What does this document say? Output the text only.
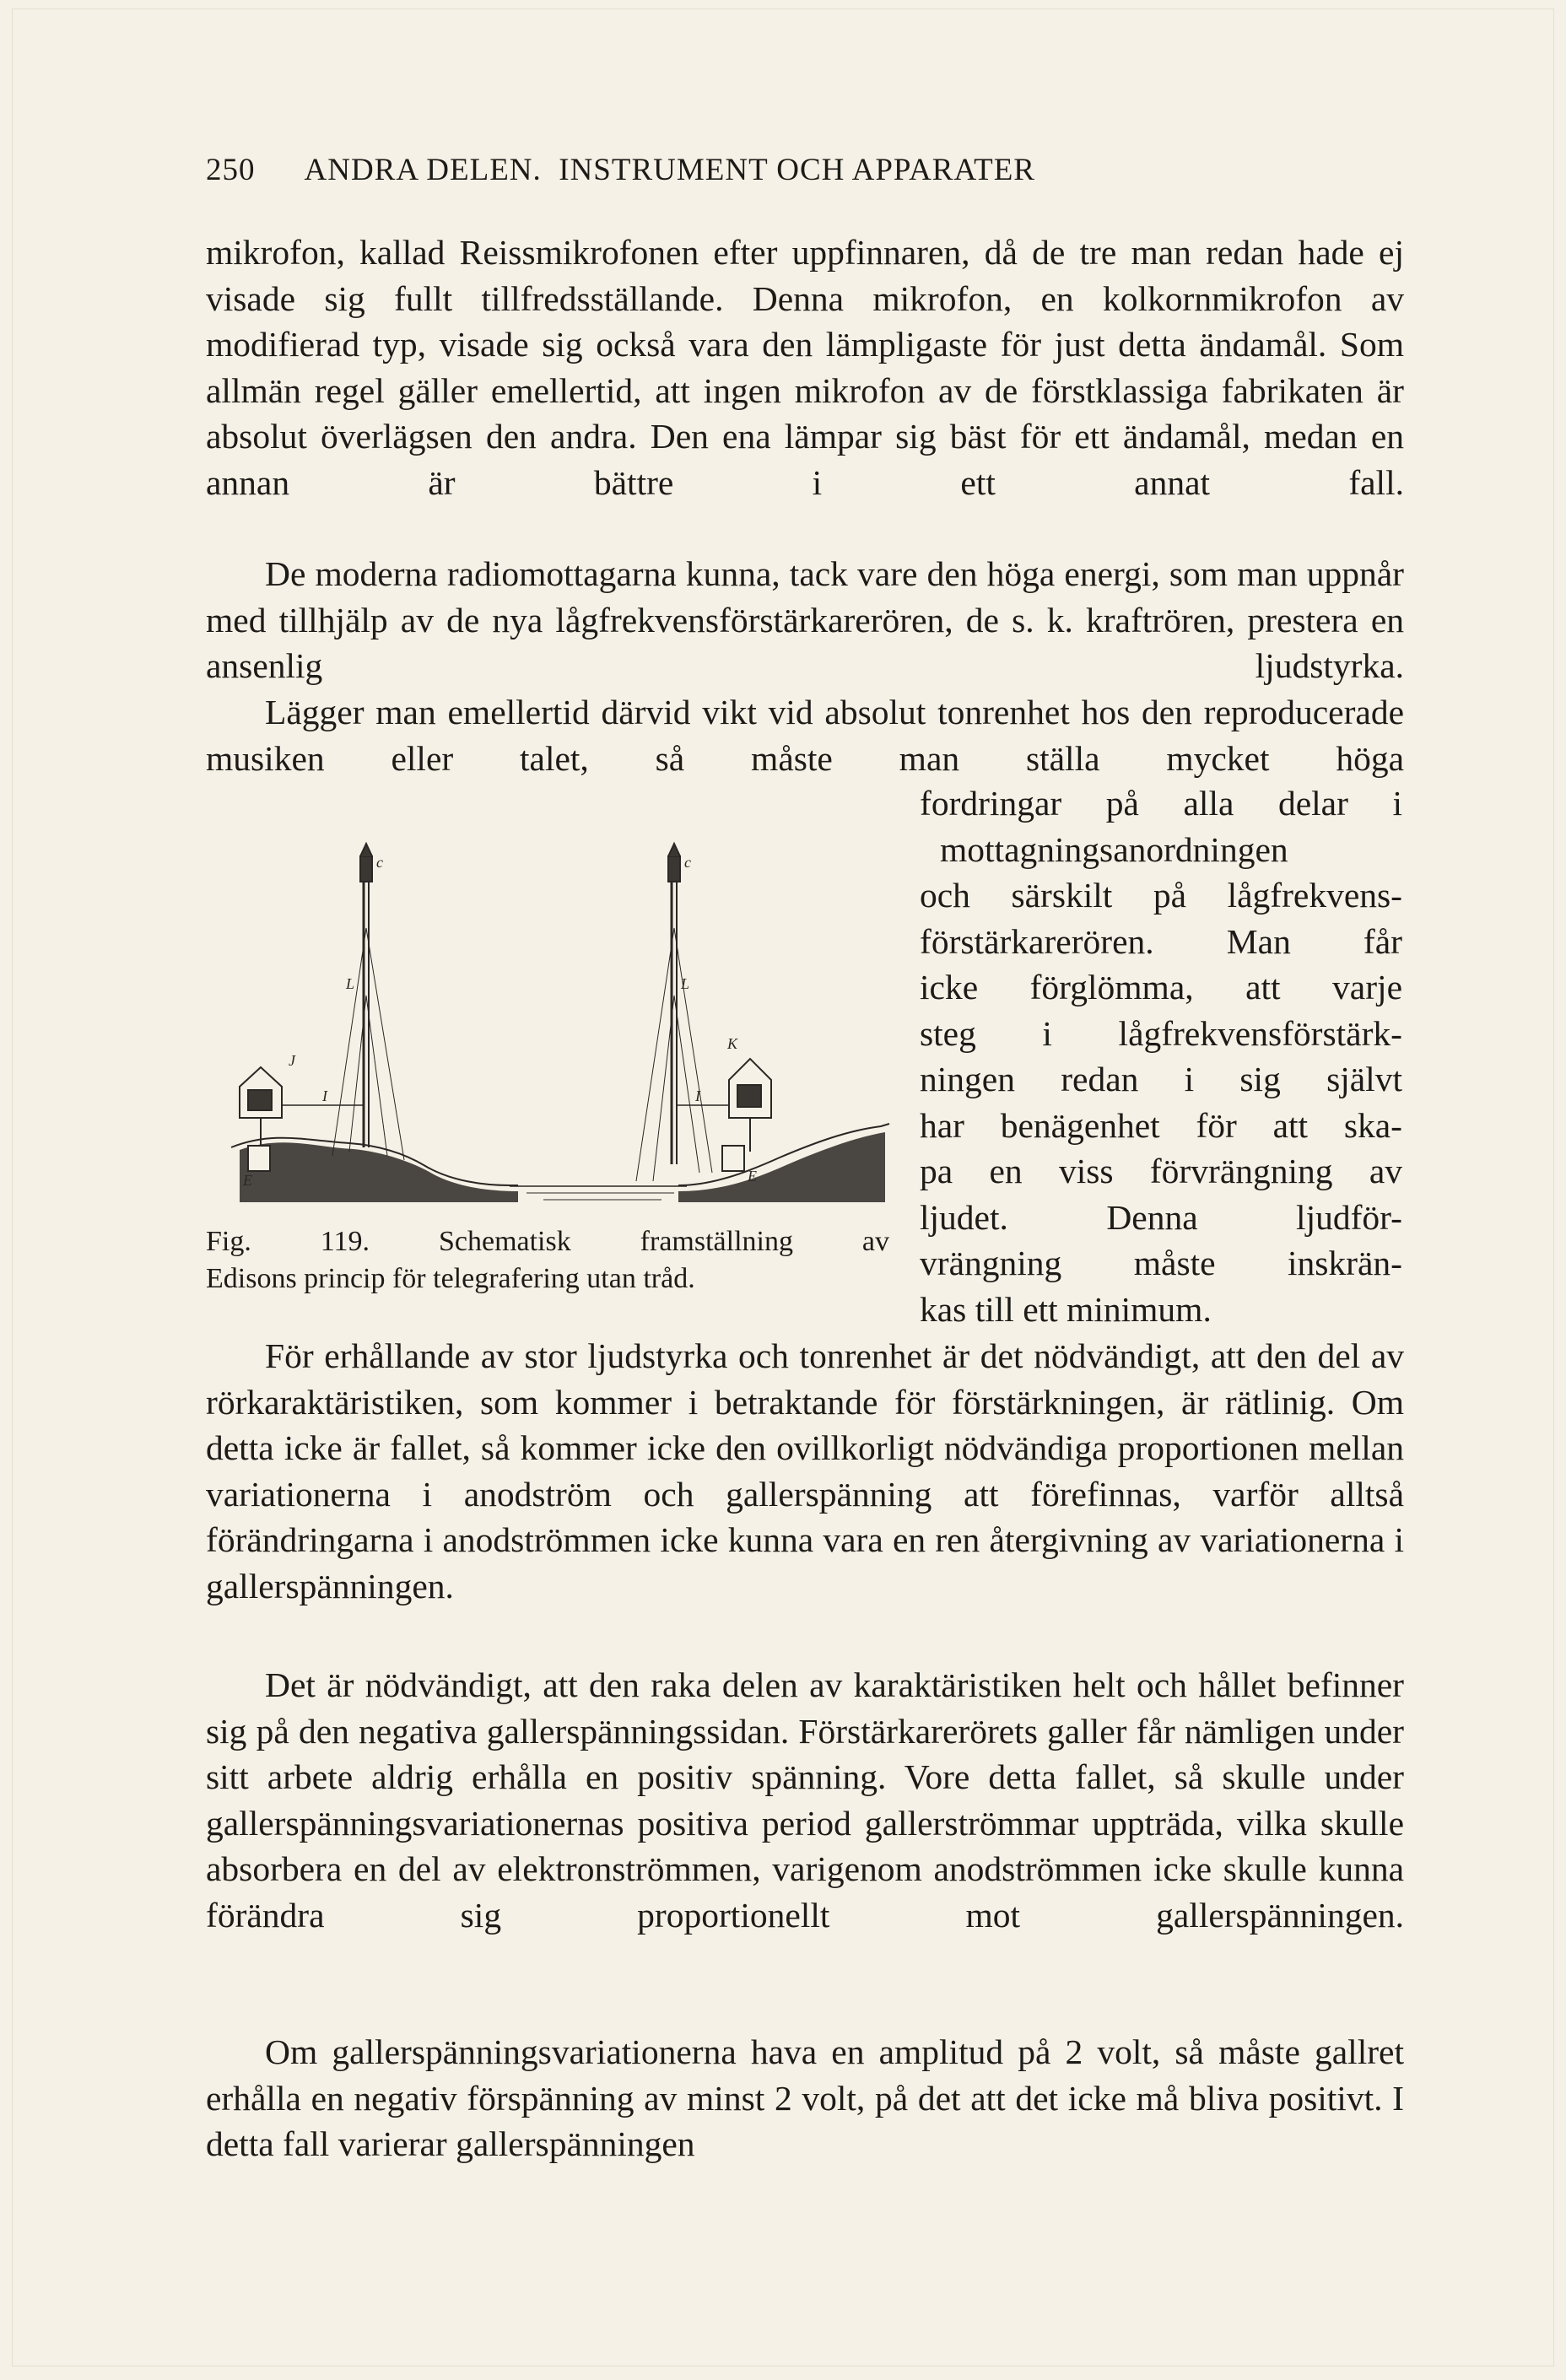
250 ANDRA DELEN.  INSTRUMENT OCH APPARATER
mikrofon, kallad Reissmikrofonen efter uppfinnaren, då de tre man redan hade ej visade sig fullt tillfredsställande. Denna mikrofon, en kolkornmikrofon av modifierad typ, visade sig också vara den lämpligaste för just detta ändamål. Som allmän regel gäller emellertid, att ingen mikrofon av de förstklassiga fabrikaten är absolut överlägsen den andra. Den ena lämpar sig bäst för ett ändamål, medan en annan är bättre i ett annat fall.
De moderna radiomottagarna kunna, tack vare den höga energi, som man uppnår med tillhjälp av de nya lågfrekvensförstärkarerören, de s. k. kraftrören, prestera en ansenlig ljudstyrka.
Lägger man emellertid därvid vikt vid absolut tonrenhet hos den reproducerade musiken eller talet, så måste man ställa mycket höga
c	c
L	L
J
K
I	I
E	E
Fig. 119. Schematisk framställning av
Edisons princip för telegrafering utan tråd.
fordringar på alla delar i
mottagningsanordningen
och särskilt på lågfrekvens-
förstärkarerören. Man får
icke förglömma, att varje
steg i lågfrekvensförstärk-
ningen redan i sig självt
har benägenhet för att ska-
pa en viss förvrängning av
ljudet. Denna ljudför-
vrängning måste inskrän-
kas till ett minimum.
För erhållande av stor ljudstyrka och tonrenhet är det nödvändigt, att den del av rörkaraktäristiken, som kommer i betraktande för förstärkningen, är rätlinig. Om detta icke är fallet, så kommer icke den ovillkorligt nödvändiga proportionen mellan variationerna i anodström och gallerspänning att förefinnas, varför alltså förändringarna i anodströmmen icke kunna vara en ren återgivning av variationerna i gallerspänningen.
Det är nödvändigt, att den raka delen av karaktäristiken helt och hållet befinner sig på den negativa gallerspänningssidan. Förstärkarerörets galler får nämligen under sitt arbete aldrig erhålla en positiv spänning. Vore detta fallet, så skulle under gallerspänningsvariationernas positiva period gallerströmmar uppträda, vilka skulle absorbera en del av elektronströmmen, varigenom anodströmmen icke skulle kunna förändra sig proportionellt mot gallerspänningen.
Om gallerspänningsvariationerna hava en amplitud på 2 volt, så måste gallret erhålla en negativ förspänning av minst 2 volt, på det att det icke må bliva positivt. I detta fall varierar gallerspänningen
